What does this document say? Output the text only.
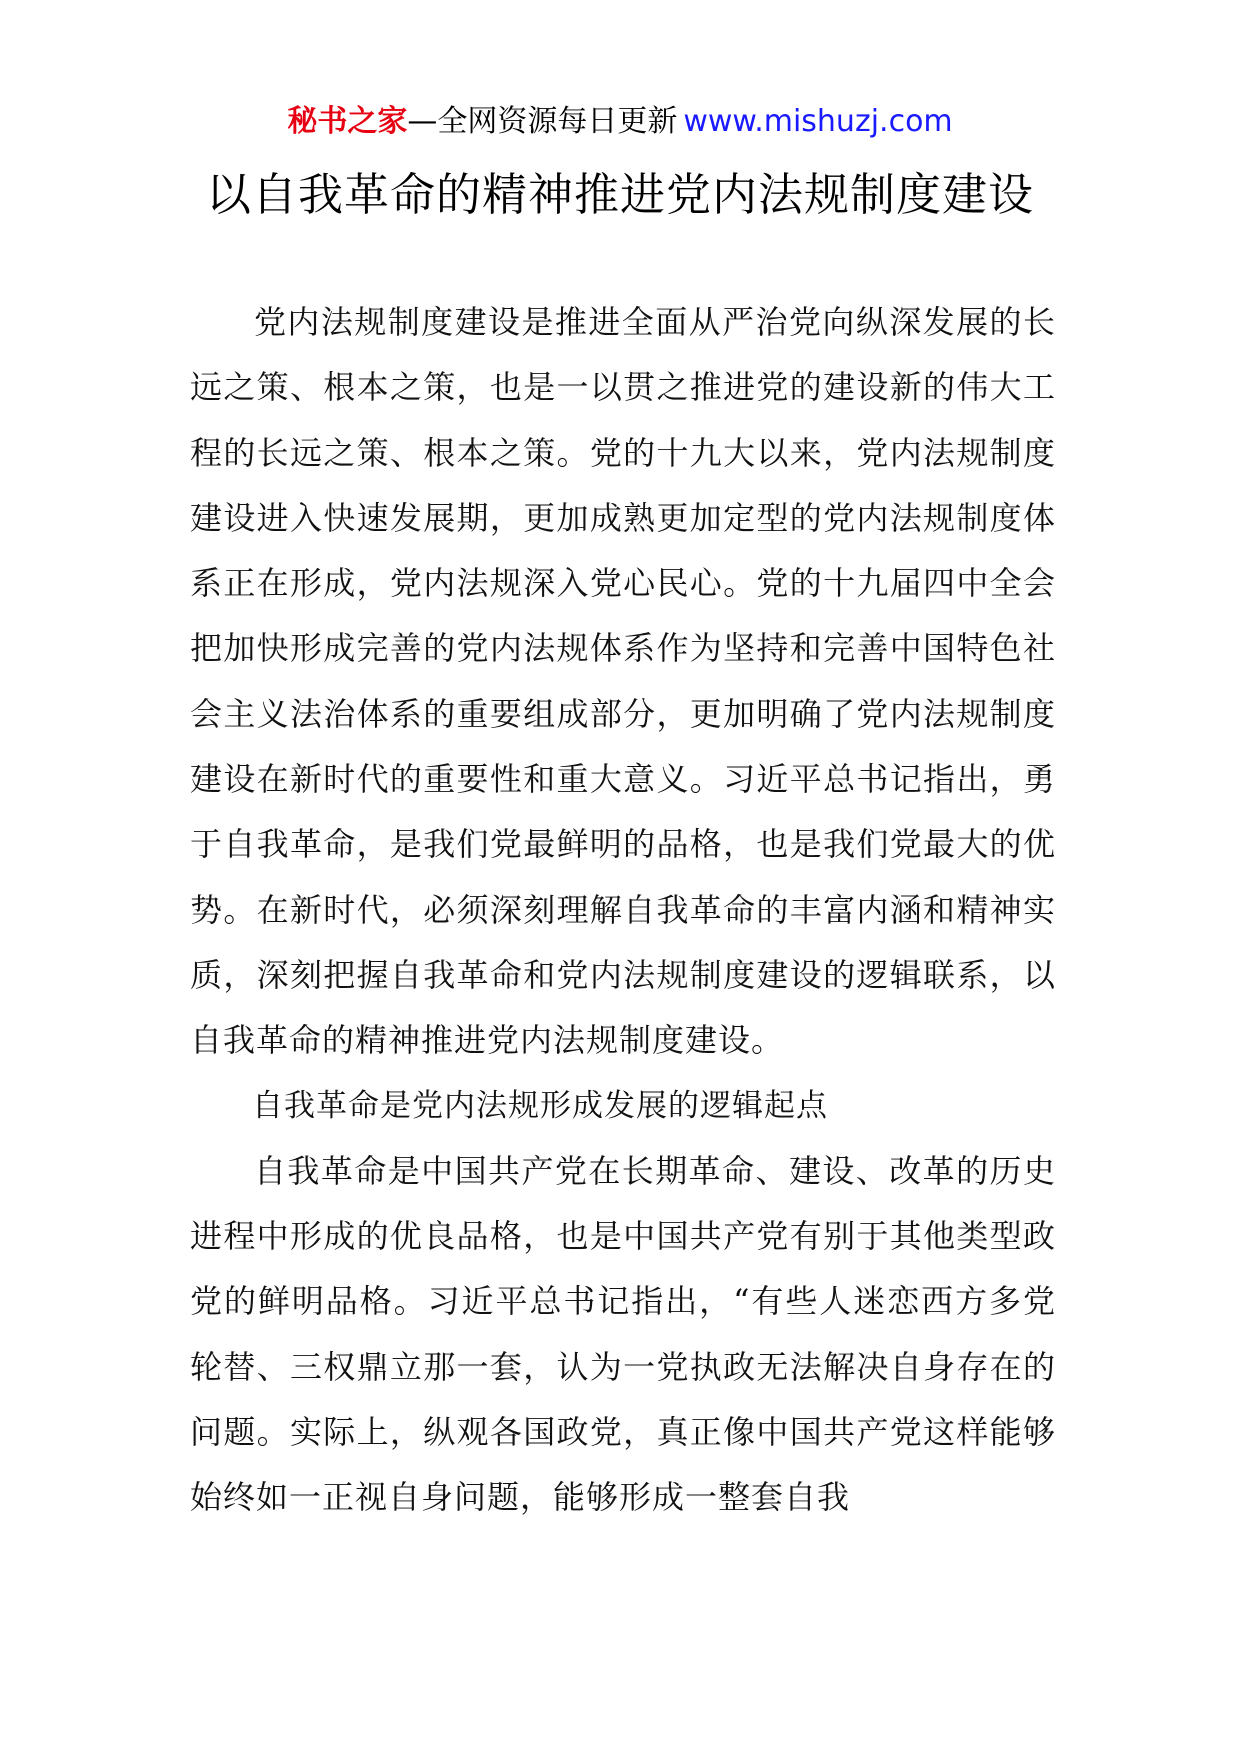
秘书之家—全网资源每日更新 www.mishuzj.com
以自我革命的精神推进党内法规制度建设

党内法规制度建设是推进全面从严治党向纵深发展的长远之策、根本之策，也是一以贯之推进党的建设新的伟大工程的长远之策、根本之策。党的十九大以来，党内法规制度建设进入快速发展期，更加成熟更加定型的党内法规制度体系正在形成，党内法规深入党心民心。党的十九届四中全会把加快形成完善的党内法规体系作为坚持和完善中国特色社会主义法治体系的重要组成部分，更加明确了党内法规制度建设在新时代的重要性和重大意义。习近平总书记指出，勇于自我革命，是我们党最鲜明的品格，也是我们党最大的优势。在新时代，必须深刻理解自我革命的丰富内涵和精神实质，深刻把握自我革命和党内法规制度建设的逻辑联系，以自我革命的精神推进党内法规制度建设。

自我革命是党内法规形成发展的逻辑起点

自我革命是中国共产党在长期革命、建设、改革的历史进程中形成的优良品格，也是中国共产党有别于其他类型政党的鲜明品格。习近平总书记指出，“有些人迷恋西方多党轮替、三权鼎立那一套，认为一党执政无法解决自身存在的问题。实际上，纵观各国政党，真正像中国共产党这样能够始终如一正视自身问题，能够形成一整套自我
